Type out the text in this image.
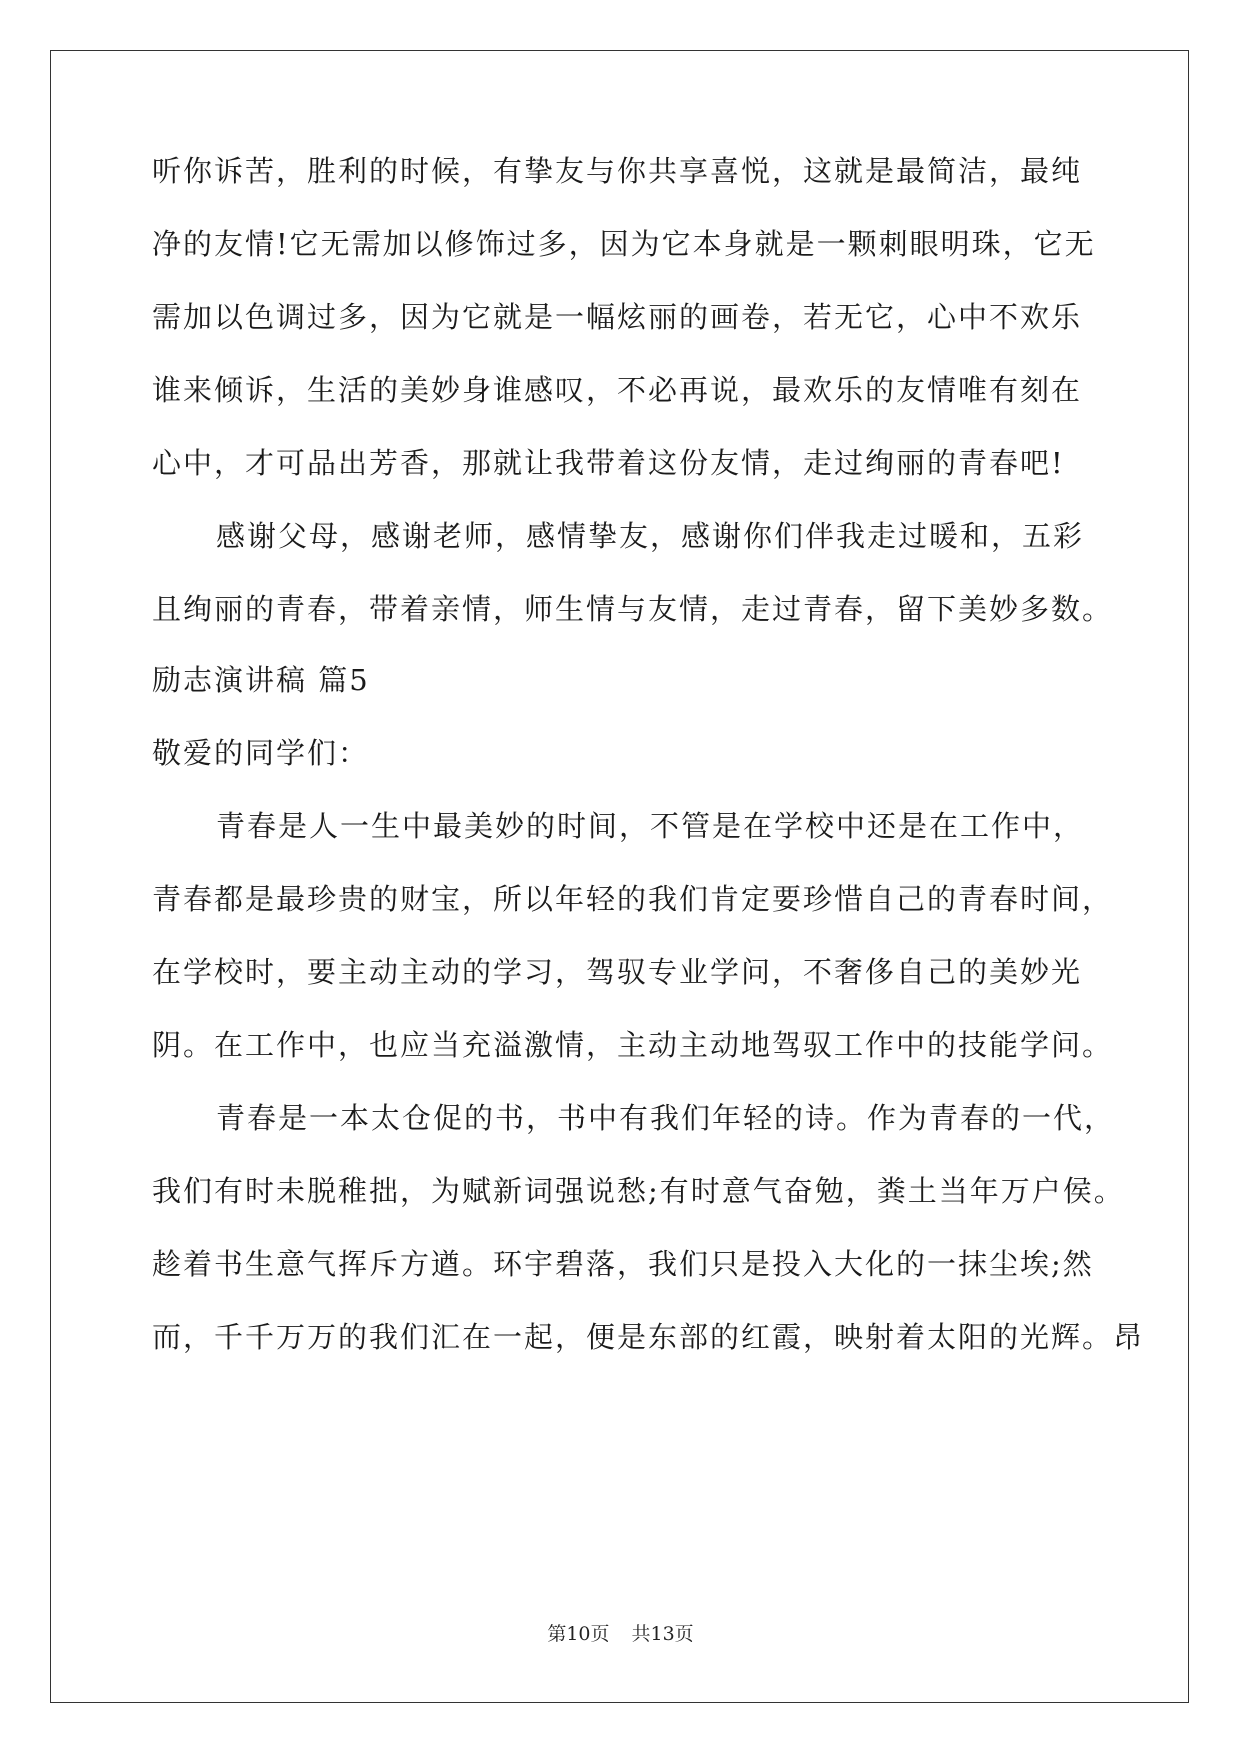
听你诉苦，胜利的时候，有挚友与你共享喜悦，这就是最简洁，最纯
净的友情!它无需加以修饰过多，因为它本身就是一颗刺眼明珠，它无
需加以色调过多，因为它就是一幅炫丽的画卷，若无它，心中不欢乐
谁来倾诉，生活的美妙身谁感叹，不必再说，最欢乐的友情唯有刻在
心中，才可品出芳香，那就让我带着这份友情，走过绚丽的青春吧!
感谢父母，感谢老师，感情挚友，感谢你们伴我走过暖和，五彩
且绚丽的青春，带着亲情，师生情与友情，走过青春，留下美妙多数。
励志演讲稿 篇5
敬爱的同学们：
青春是人一生中最美妙的时间，不管是在学校中还是在工作中，
青春都是最珍贵的财宝，所以年轻的我们肯定要珍惜自己的青春时间，
在学校时，要主动主动的学习，驾驭专业学问，不奢侈自己的美妙光
阴。在工作中，也应当充溢激情，主动主动地驾驭工作中的技能学问。
青春是一本太仓促的书，书中有我们年轻的诗。作为青春的一代，
我们有时未脱稚拙，为赋新词强说愁;有时意气奋勉，粪土当年万户侯。
趁着书生意气挥斥方遒。环宇碧落，我们只是投入大化的一抹尘埃;然
而，千千万万的我们汇在一起，便是东部的红霞，映射着太阳的光辉。昂
第10页 共13页
